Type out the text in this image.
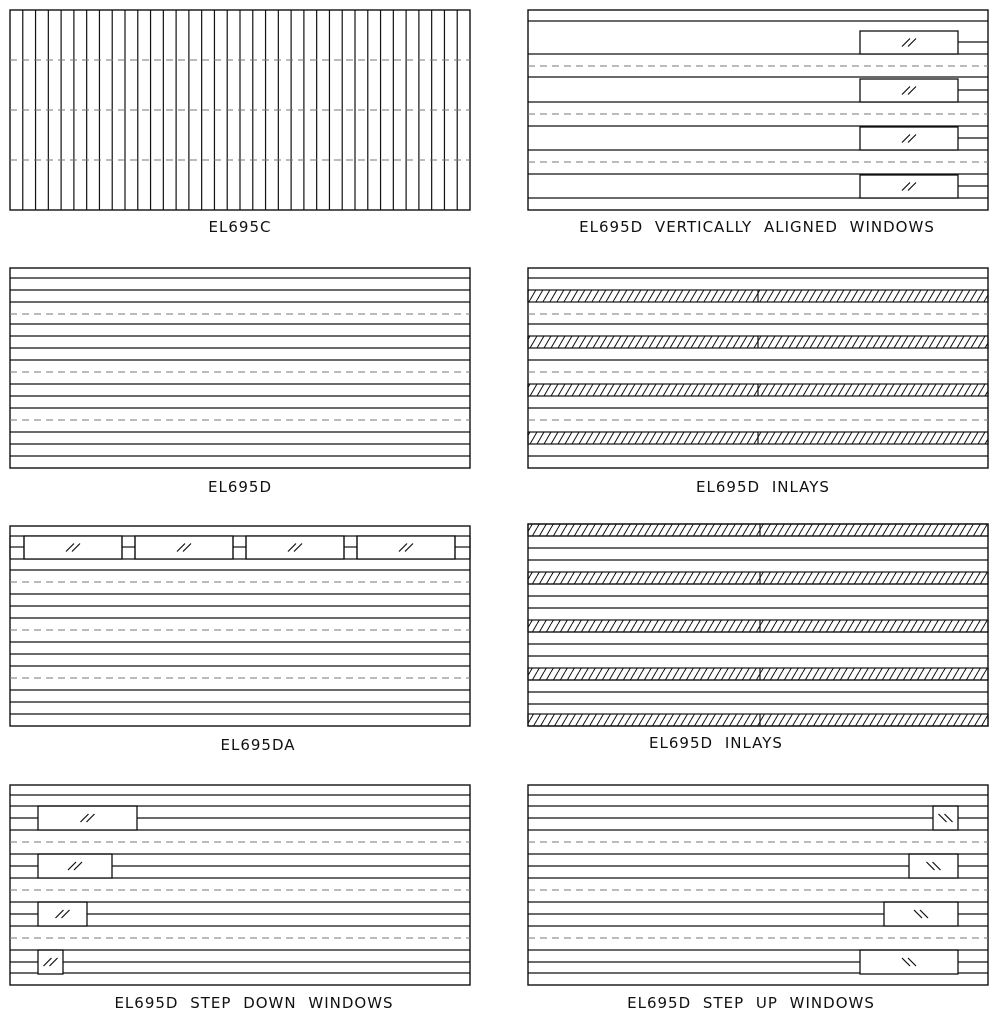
EL695C	EL695D VERTICALLY ALIGNED WINDOWS
EL695D	EL695D INLAYS
EL695DA	EL695D INLAYS
EL695D STEP DOWN WINDOWS	EL695D STEP UP WINDOWS
